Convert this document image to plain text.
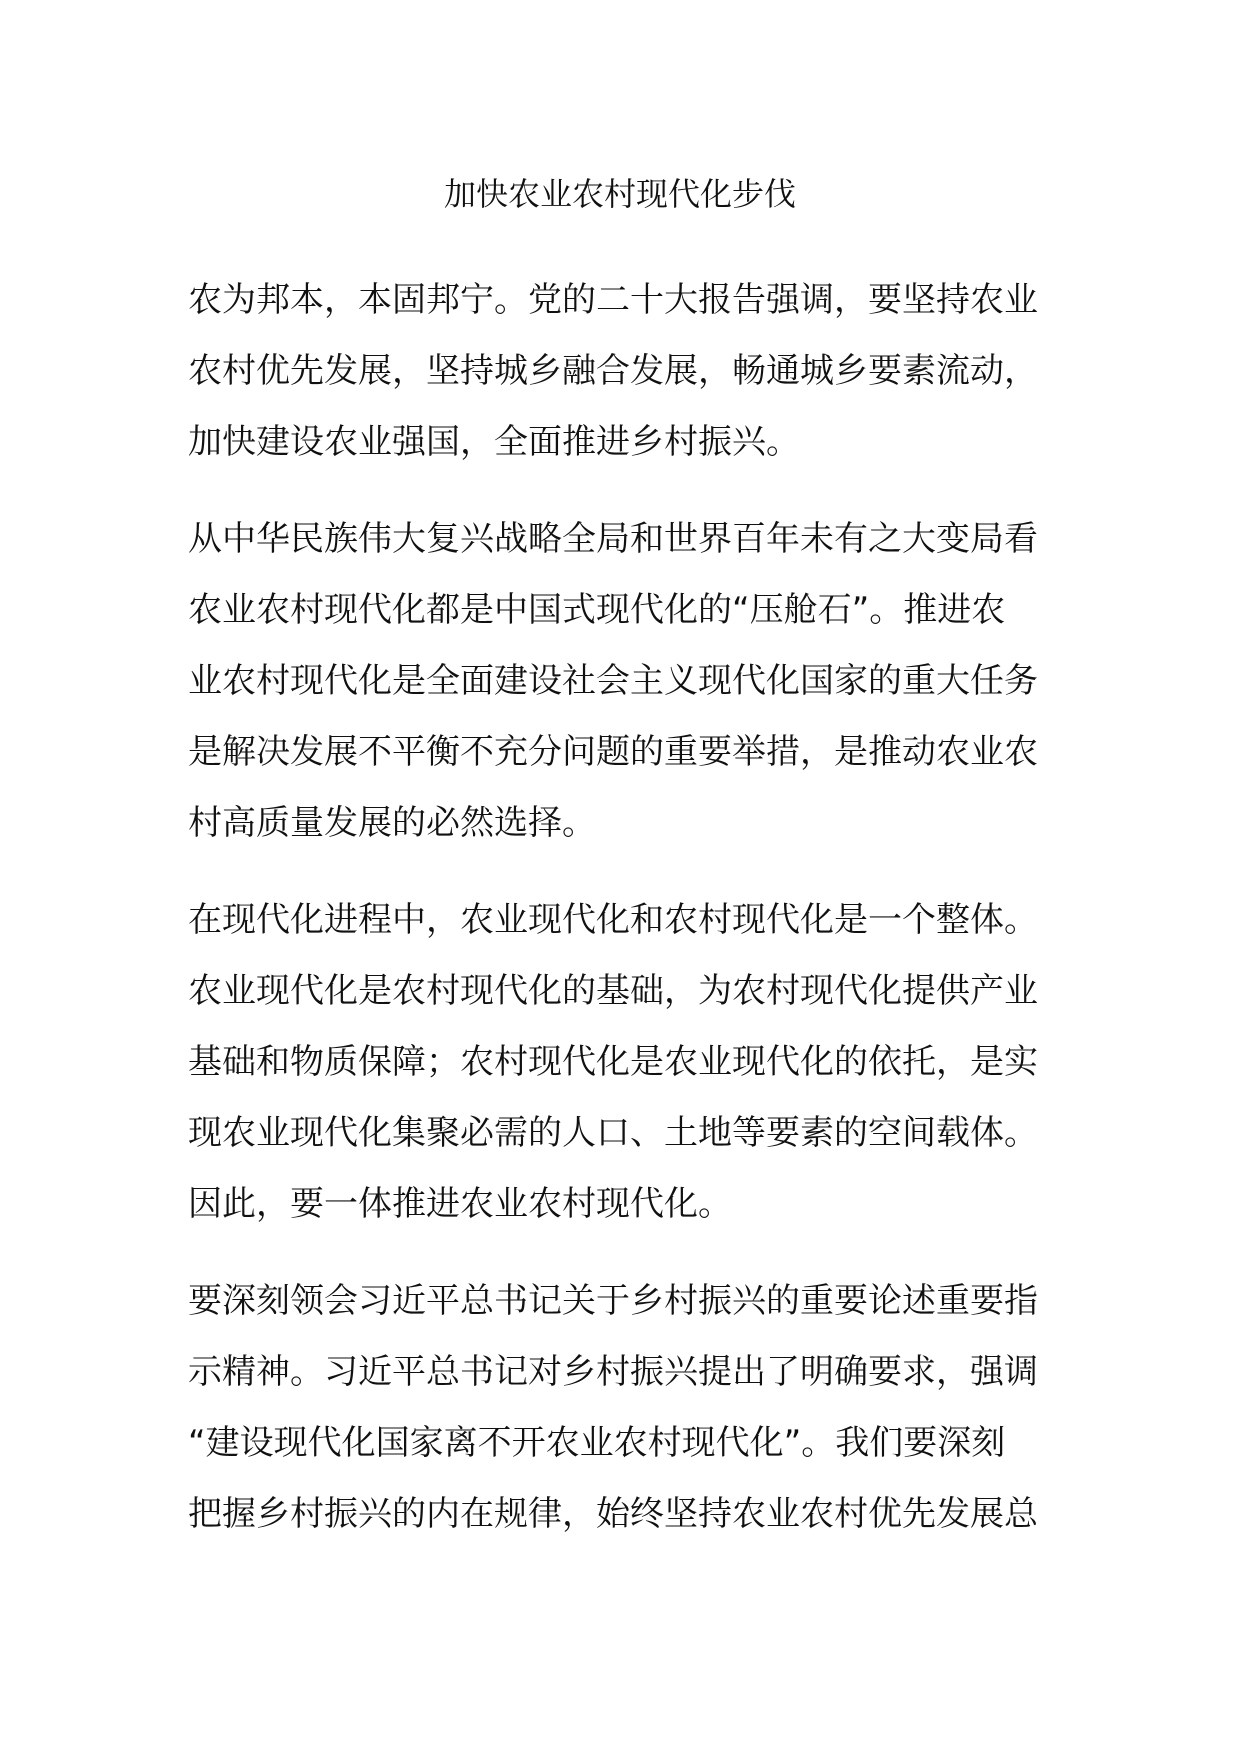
加快农业农村现代化步伐

农为邦本，本固邦宁。党的二十大报告强调，要坚持农业
农村优先发展，坚持城乡融合发展，畅通城乡要素流动，
加快建设农业强国，全面推进乡村振兴。

从中华民族伟大复兴战略全局和世界百年未有之大变局看
农业农村现代化都是中国式现代化的“压舱石”。推进农
业农村现代化是全面建设社会主义现代化国家的重大任务
是解决发展不平衡不充分问题的重要举措，是推动农业农
村高质量发展的必然选择。

在现代化进程中，农业现代化和农村现代化是一个整体。
农业现代化是农村现代化的基础，为农村现代化提供产业
基础和物质保障；农村现代化是农业现代化的依托，是实
现农业现代化集聚必需的人口、土地等要素的空间载体。
因此，要一体推进农业农村现代化。

要深刻领会习近平总书记关于乡村振兴的重要论述重要指
示精神。习近平总书记对乡村振兴提出了明确要求，强调
“建设现代化国家离不开农业农村现代化”。我们要深刻
把握乡村振兴的内在规律，始终坚持农业农村优先发展总
